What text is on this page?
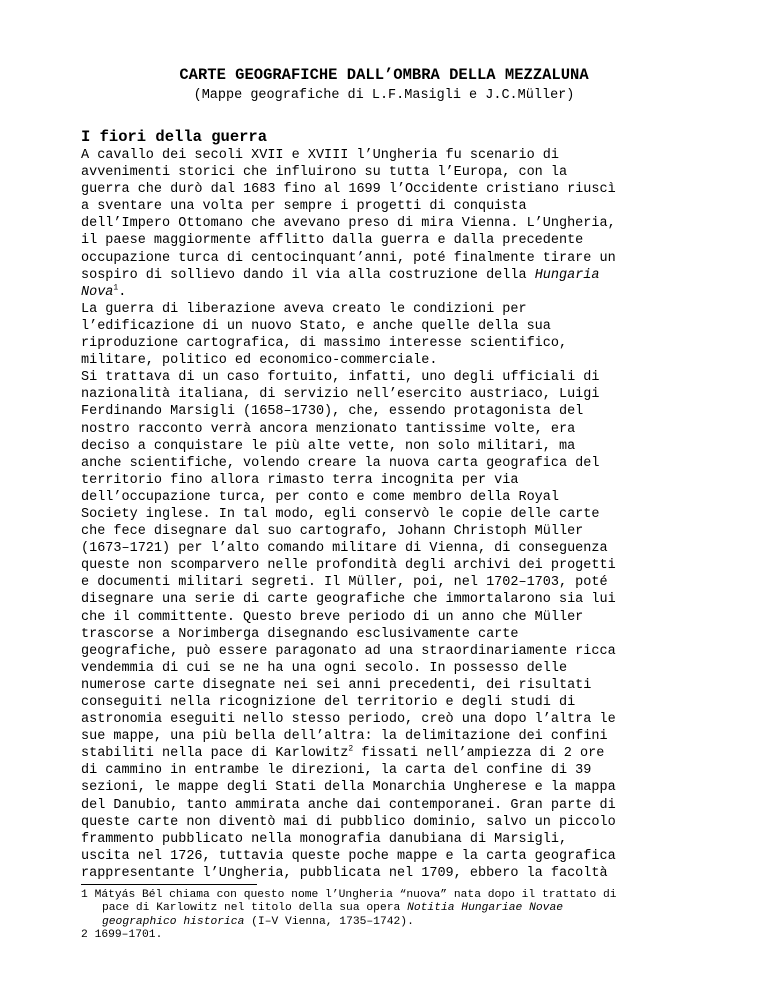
CARTE GEOGRAFICHE DALL’OMBRA DELLA MEZZALUNA

(Mappe geografiche di L.F.Masigli e J.C.Müller)

I fiori della guerra
A cavallo dei secoli XVII e XVIII l’Ungheria fu scenario di
avvenimenti storici che influirono su tutta l’Europa, con la
guerra che durò dal 1683 fino al 1699 l’Occidente cristiano riuscì
a sventare una volta per sempre i progetti di conquista
dell’Impero Ottomano che avevano preso di mira Vienna. L’Ungheria,
il paese maggiormente afflitto dalla guerra e dalla precedente
occupazione turca di centocinquant’anni, poté finalmente tirare un
sospiro di sollievo dando il via alla costruzione della Hungaria
Nova$^1$.
La guerra di liberazione aveva creato le condizioni per
l’edificazione di un nuovo Stato, e anche quelle della sua
riproduzione cartografica, di massimo interesse scientifico,
militare, politico ed economico-commerciale.
Si trattava di un caso fortuito, infatti, uno degli ufficiali di
nazionalità italiana, di servizio nell’esercito austriaco, Luigi
Ferdinando Marsigli (1658–1730), che, essendo protagonista del
nostro racconto verrà ancora menzionato tantissime volte, era
deciso a conquistare le più alte vette, non solo militari, ma
anche scientifiche, volendo creare la nuova carta geografica del
territorio fino allora rimasto terra incognita per via
dell’occupazione turca, per conto e come membro della Royal
Society inglese. In tal modo, egli conservò le copie delle carte
che fece disegnare dal suo cartografo, Johann Christoph Müller
(1673–1721) per l’alto comando militare di Vienna, di conseguenza
queste non scomparvero nelle profondità degli archivi dei progetti
e documenti militari segreti. Il Müller, poi, nel 1702–1703, poté
disegnare una serie di carte geografiche che immortalarono sia lui
che il committente. Questo breve periodo di un anno che Müller
trascorse a Norimberga disegnando esclusivamente carte
geografiche, può essere paragonato ad una straordinariamente ricca
vendemmia di cui se ne ha una ogni secolo. In possesso delle
numerose carte disegnate nei sei anni precedenti, dei risultati
conseguiti nella ricognizione del territorio e degli studi di
astronomia eseguiti nello stesso periodo, creò una dopo l’altra le
sue mappe, una più bella dell’altra: la delimitazione dei confini
stabiliti nella pace di Karlowitz$^2$ fissati nell’ampiezza di 2 ore
di cammino in entrambe le direzioni, la carta del confine di 39
sezioni, le mappe degli Stati della Monarchia Ungherese e la mappa
del Danubio, tanto ammirata anche dai contemporanei. Gran parte di
queste carte non diventò mai di pubblico dominio, salvo un piccolo
frammento pubblicato nella monografia danubiana di Marsigli,
uscita nel 1726, tuttavia queste poche mappe e la carta geografica
rappresentante l’Ungheria, pubblicata nel 1709, ebbero la facoltà
1 Mátyás Bél chiama con questo nome l’Ungheria “nuova” nata dopo il trattato di
pace di Karlowitz nel titolo della sua opera Notitia Hungariae Novae
geographico historica (I–V Vienna, 1735–1742).
2 1699–1701.
